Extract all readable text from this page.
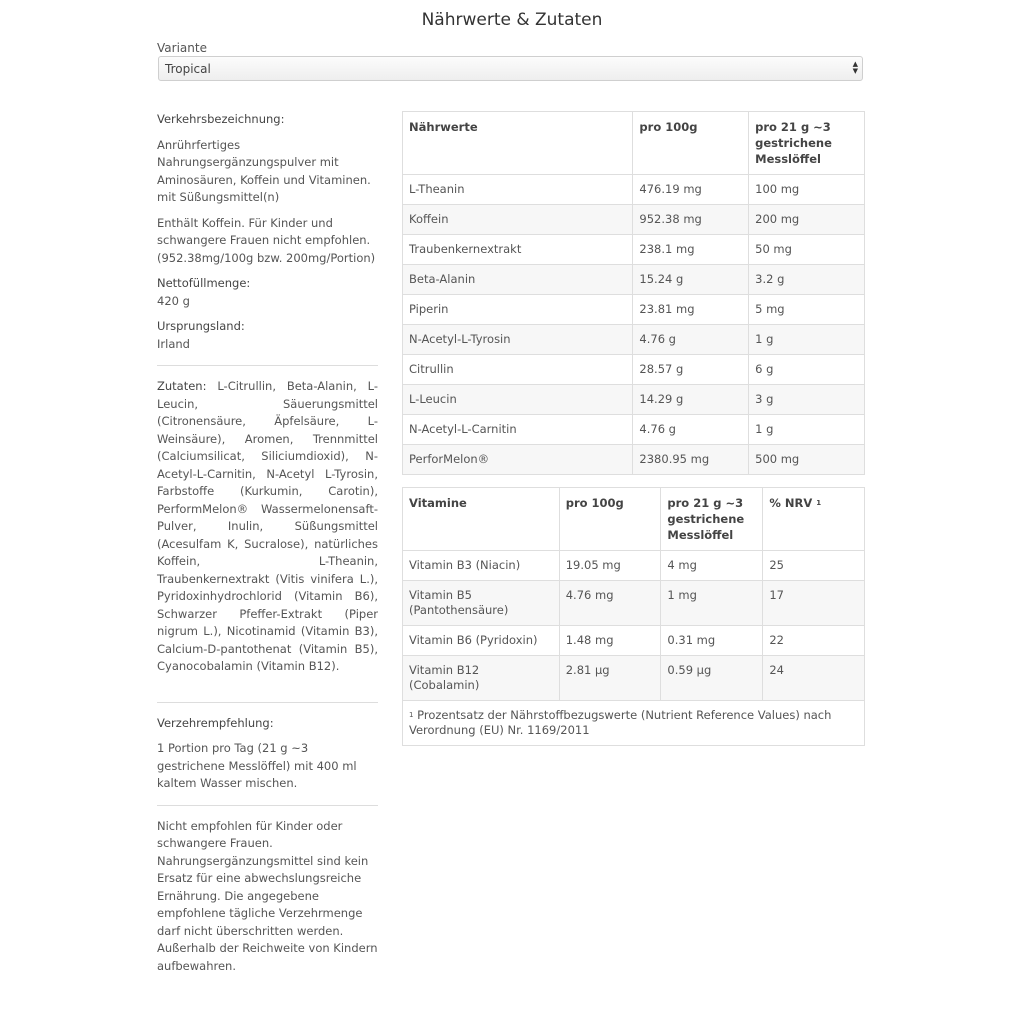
Nährwerte & Zutaten
Variante
Tropical	▲
▼

Verkehrsbezeichnung:

Anrührfertiges Nahrungsergänzungspulver mit Aminosäuren, Koffein und Vitaminen. mit Süßungsmittel(n)

Enthält Koffein. Für Kinder und schwangere Frauen nicht empfohlen. (952.38mg/100g bzw. 200mg/Portion)

Nettofüllmenge:

420 g

Ursprungsland:

Irland

Zutaten: L-Citrullin, Beta-Alanin, L-Leucin, Säuerungsmittel (Citronensäure, Äpfelsäure, L-Weinsäure), Aromen, Trennmittel (Calciumsilicat, Siliciumdioxid), N-Acetyl-L-Carnitin, N-Acetyl L-Tyrosin, Farbstoffe (Kurkumin, Carotin), PerformMelon® Wassermelonensaft-Pulver, Inulin, Süßungsmittel (Acesulfam K, Sucralose), natürliches Koffein, L-Theanin, Traubenkernextrakt (Vitis vinifera L.), Pyridoxinhydrochlorid (Vitamin B6), Schwarzer Pfeffer-Extrakt (Piper nigrum L.), Nicotinamid (Vitamin B3), Calcium-D-pantothenat (Vitamin B5), Cyanocobalamin (Vitamin B12).

Verzehrempfehlung:

1 Portion pro Tag (21 g ~3 gestrichene Messlöffel) mit 400 ml kaltem Wasser mischen.

Nicht empfohlen für Kinder oder schwangere Frauen. Nahrungsergänzungsmittel sind kein Ersatz für eine abwechslungsreiche Ernährung. Die angegebene empfohlene tägliche Verzehrmenge darf nicht überschritten werden. Außerhalb der Reichweite von Kindern aufbewahren.

Nährwerte	pro 100g	pro 21 g ~3 gestrichene Messlöffel
L-Theanin	476.19 mg	100 mg
Koffein	952.38 mg	200 mg
Traubenkernextrakt	238.1 mg	50 mg
Beta-Alanin	15.24 g	3.2 g
Piperin	23.81 mg	5 mg
N-Acetyl-L-Tyrosin	4.76 g	1 g
Citrullin	28.57 g	6 g
L-Leucin	14.29 g	3 g
N-Acetyl-L-Carnitin	4.76 g	1 g
PerforMelon®	2380.95 mg	500 mg
Vitamine	pro 100g	pro 21 g ~3 gestrichene Messlöffel	% NRV $^1$
Vitamin B3 (Niacin)	19.05 mg	4 mg	25
Vitamin B5 (Pantothensäure)	4.76 mg	1 mg	17
Vitamin B6 (Pyridoxin)	1.48 mg	0.31 mg	22
Vitamin B12 (Cobalamin)	2.81 µg	0.59 µg	24
$^1$ Prozentsatz der Nährstoffbezugswerte (Nutrient Reference Values) nach Verordnung (EU) Nr. 1169/2011			
